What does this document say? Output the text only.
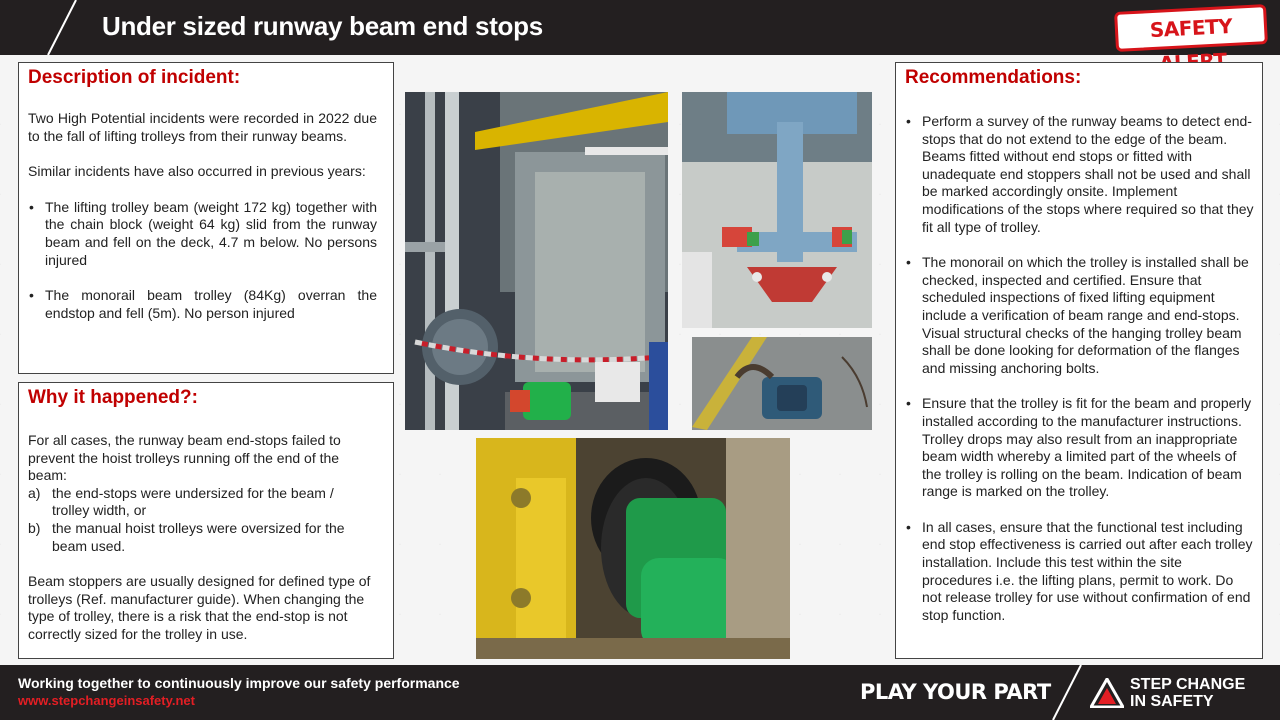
Under sized runway beam end stops	SAFETY
Description of incident:

Two High Potential incidents were recorded in 2022 due to the fall of lifting trolleys from their runway beams.

Similar incidents have also occurred in previous years:

• The lifting trolley beam (weight 172 kg) together with the chain block (weight 64 kg) slid from the runway beam and fell on the deck, 4.7 m below. No persons injured
• The monorail beam trolley (84Kg) overran the endstop and fell (5m). No person injured
Why it happened?:

For all cases, the runway beam end-stops failed to prevent the hoist trolleys running off the end of the beam:

a) the end-stops were undersized for the beam / trolley width, or
b) the manual hoist trolleys were oversized for the beam used.

Beam stoppers are usually designed for defined type of trolleys (Ref. manufacturer guide). When changing the type of trolley, there is a risk that the end-stop is not correctly sized for the trolley in use.

Recommendations:
• Perform a survey of the runway beams to detect end-stops that do not extend to the edge of the beam. Beams fitted without end stops or fitted with unadequate end stoppers shall not be used and shall be marked accordingly onsite. Implement modifications of the stops where required so that they fit all type of trolley.
• The monorail on which the trolley is installed shall be checked, inspected and certified. Ensure that scheduled inspections of fixed lifting equipment include a verification of beam range and end-stops. Visual structural checks of the hanging trolley beam shall be done looking for deformation of the flanges and missing anchoring bolts.
• Ensure that the trolley is fit for the beam and properly installed according to the manufacturer instructions. Trolley drops may also result from an inappropriate beam width whereby a limited part of the wheels of the trolley is rolling on the beam. Indication of beam range is marked on the trolley.
• In all cases, ensure that the functional test including end stop effectiveness is carried out after each trolley installation. Include this test within the site procedures i.e. the lifting plans, permit to work. Do not release trolley for use without confirmation of end stop function.
Working together to continuously improve our safety performance
www.stepchangeinsafety.net	PLAY YOUR PART	STEP CHANGE
IN SAFETY
